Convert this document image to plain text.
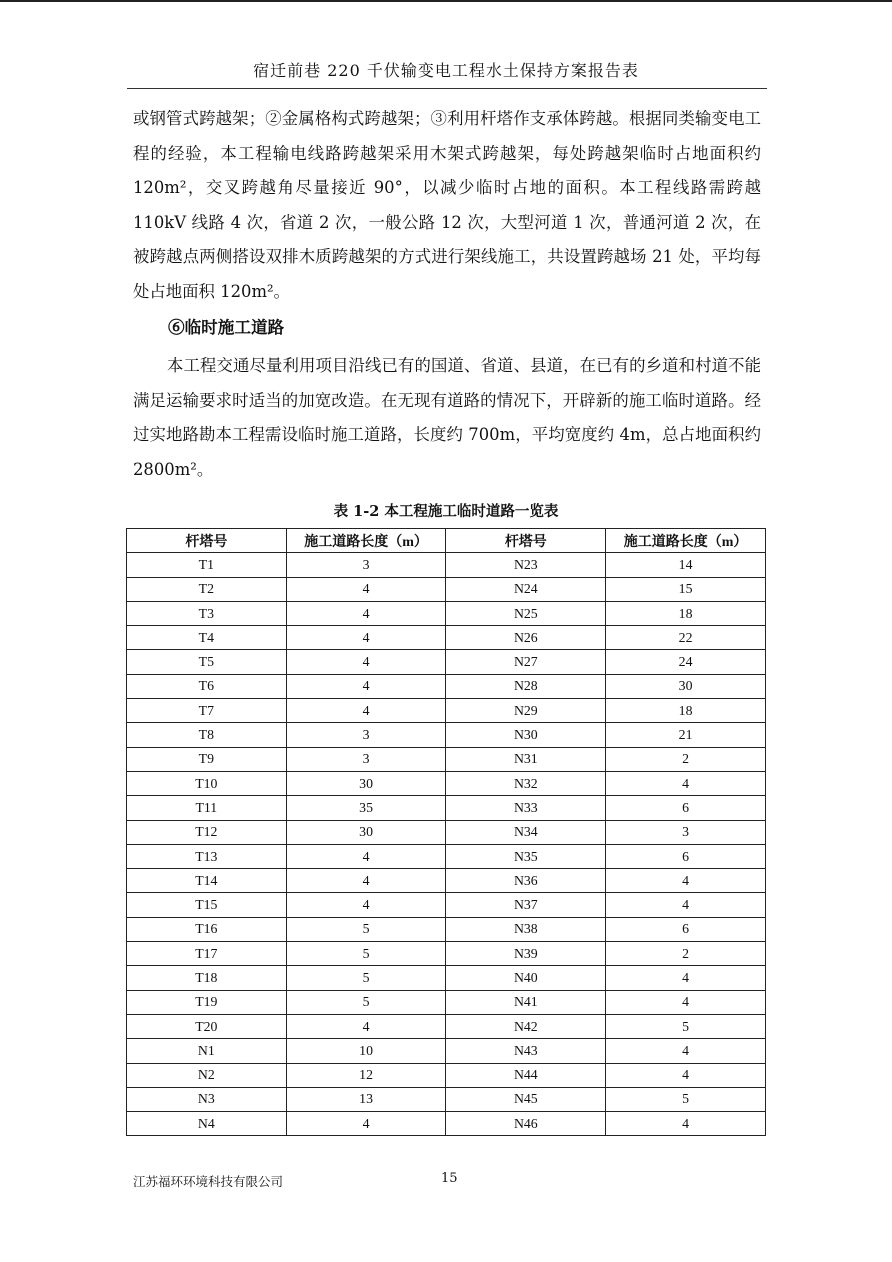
宿迁前巷 220 千伏输变电工程水土保持方案报告表

或钢管式跨越架；②金属格构式跨越架；③利用杆塔作支承体跨越。根据同类输变电工程的经验，本工程输电线路跨越架采用木架式跨越架，每处跨越架临时占地面积约 120m²，交叉跨越角尽量接近 90°，以减少临时占地的面积。本工程线路需跨越 110kV 线路 4 次，省道 2 次，一般公路 12 次，大型河道 1 次，普通河道 2 次，在被跨越点两侧搭设双排木质跨越架的方式进行架线施工，共设置跨越场 21 处，平均每处占地面积 120m²。

⑥临时施工道路

本工程交通尽量利用项目沿线已有的国道、省道、县道，在已有的乡道和村道不能满足运输要求时适当的加宽改造。在无现有道路的情况下，开辟新的施工临时道路。经过实地路勘本工程需设临时施工道路，长度约 700m，平均宽度约 4m，总占地面积约 2800m²。

表 1-2 本工程施工临时道路一览表
杆塔号	施工道路长度（m）	杆塔号	施工道路长度（m）
T1	3	N23	14
T2	4	N24	15
T3	4	N25	18
T4	4	N26	22
T5	4	N27	24
T6	4	N28	30
T7	4	N29	18
T8	3	N30	21
T9	3	N31	2
T10	30	N32	4
T11	35	N33	6
T12	30	N34	3
T13	4	N35	6
T14	4	N36	4
T15	4	N37	4
T16	5	N38	6
T17	5	N39	2
T18	5	N40	4
T19	5	N41	4
T20	4	N42	5
N1	10	N43	4
N2	12	N44	4
N3	13	N45	5
N4	4	N46	4
江苏福环环境科技有限公司	15
